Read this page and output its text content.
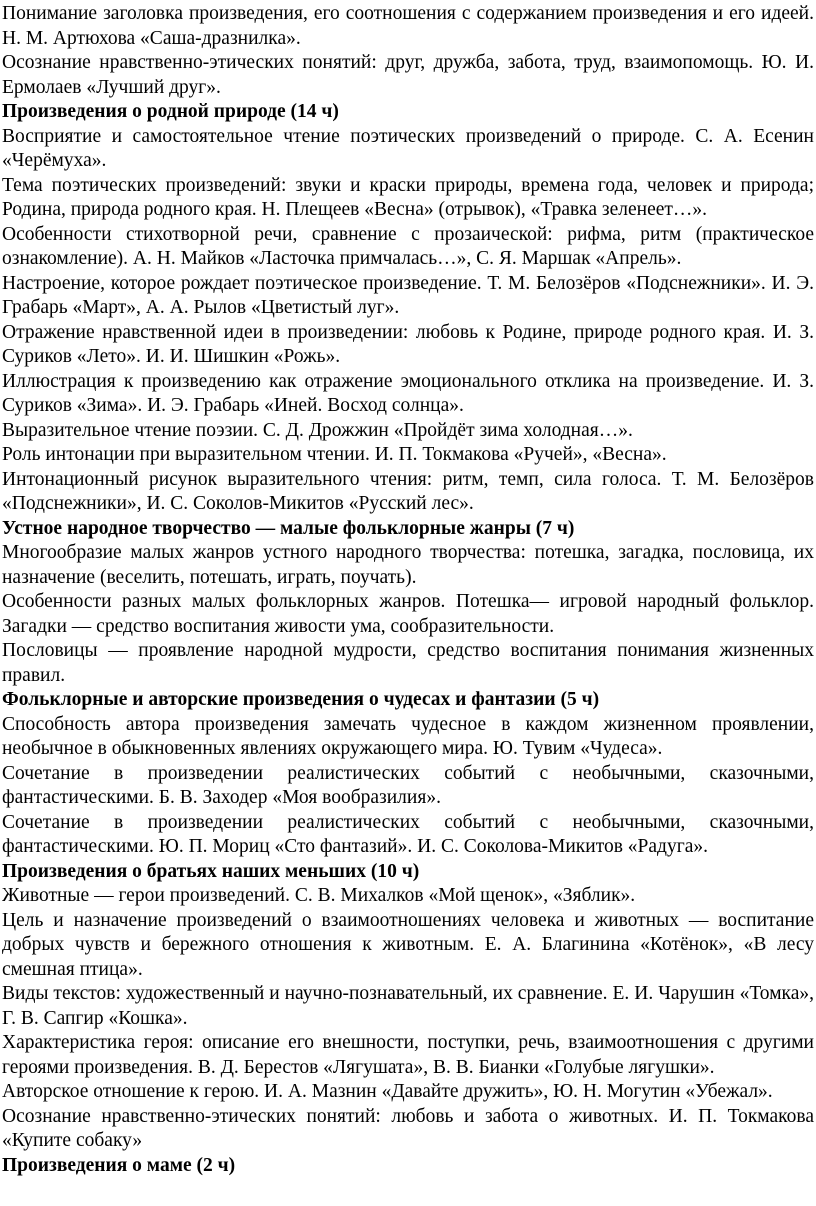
Понимание заголовка произведения, его соотношения с содержанием произведения и его идеей. Н. М. Артюхова «Саша-дразнилка».

Осознание нравственно-этических понятий: друг, дружба, забота, труд, взаимопомощь. Ю. И. Ермолаев «Лучший друг».

Произведения о родной природе (14 ч)

Восприятие и самостоятельное чтение поэтических произведений о природе. С. А. Есенин «Черёмуха».

Тема поэтических произведений: звуки и краски природы, времена года, человек и природа; Родина, природа родного края. Н. Плещеев «Весна» (отрывок), «Травка зеленеет…».

Особенности стихотворной речи, сравнение с прозаической: рифма, ритм (практическое ознакомление). А. Н. Майков «Ласточка примчалась…», С. Я. Маршак «Апрель».

Настроение, которое рождает поэтическое произведение. Т. М. Белозёров «Подснежники». И. Э. Грабарь «Март», А. А. Рылов «Цветистый луг».

Отражение нравственной идеи в произведении: любовь к Родине, природе родного края. И. З. Суриков «Лето». И. И. Шишкин «Рожь».

Иллюстрация к произведению как отражение эмоционального отклика на произведение. И. З. Суриков «Зима». И. Э. Грабарь «Иней. Восход солнца».

Выразительное чтение поэзии. С. Д. Дрожжин «Пройдёт зима холодная…».

Роль интонации при выразительном чтении. И. П. Токмакова «Ручей», «Весна».

Интонационный рисунок выразительного чтения: ритм, темп, сила голоса. Т. М. Белозёров «Подснежники», И. С. Соколов-Микитов «Русский лес».

Устное народное творчество — малые фольклорные жанры (7 ч)

Многообразие малых жанров устного народного творчества: потешка, загадка, пословица, их назначение (веселить, потешать, играть, поучать).

Особенности разных малых фольклорных жанров. Потешка— игровой народный фольклор. Загадки — средство воспитания живости ума, сообразительности.

Пословицы — проявление народной мудрости, средство воспитания понимания жизненных правил.

Фольклорные и авторские произведения о чудесах и фантазии (5 ч)

Способность автора произведения замечать чудесное в каждом жизненном проявлении, необычное в обыкновенных явлениях окружающего мира. Ю. Тувим «Чудеса».

Сочетание в произведении реалистических событий с необычными, сказочными, фантастическими. Б. В. Заходер «Моя вообразилия».

Сочетание в произведении реалистических событий с необычными, сказочными, фантастическими. Ю. П. Мориц «Сто фантазий». И. С. Соколова-Микитов «Радуга».

Произведения о братьях наших меньших (10 ч)

Животные — герои произведений. С. В. Михалков «Мой щенок», «Зяблик».

Цель и назначение произведений о взаимоотношениях человека и животных — воспитание добрых чувств и бережного отношения к животным. Е. А. Благинина «Котёнок», «В лесу смешная птица».

Виды текстов: художественный и научно-познавательный, их сравнение. Е. И. Чарушин «Томка», Г. В. Сапгир «Кошка».

Характеристика героя: описание его внешности, поступки, речь, взаимоотношения с другими героями произведения. В. Д. Берестов «Лягушата», В. В. Бианки «Голубые лягушки».

Авторское отношение к герою. И. А. Мазнин «Давайте дружить», Ю. Н. Могутин «Убежал».

Осознание нравственно-этических понятий: любовь и забота о животных. И. П. Токмакова «Купите собаку»

Произведения о маме (2 ч)
